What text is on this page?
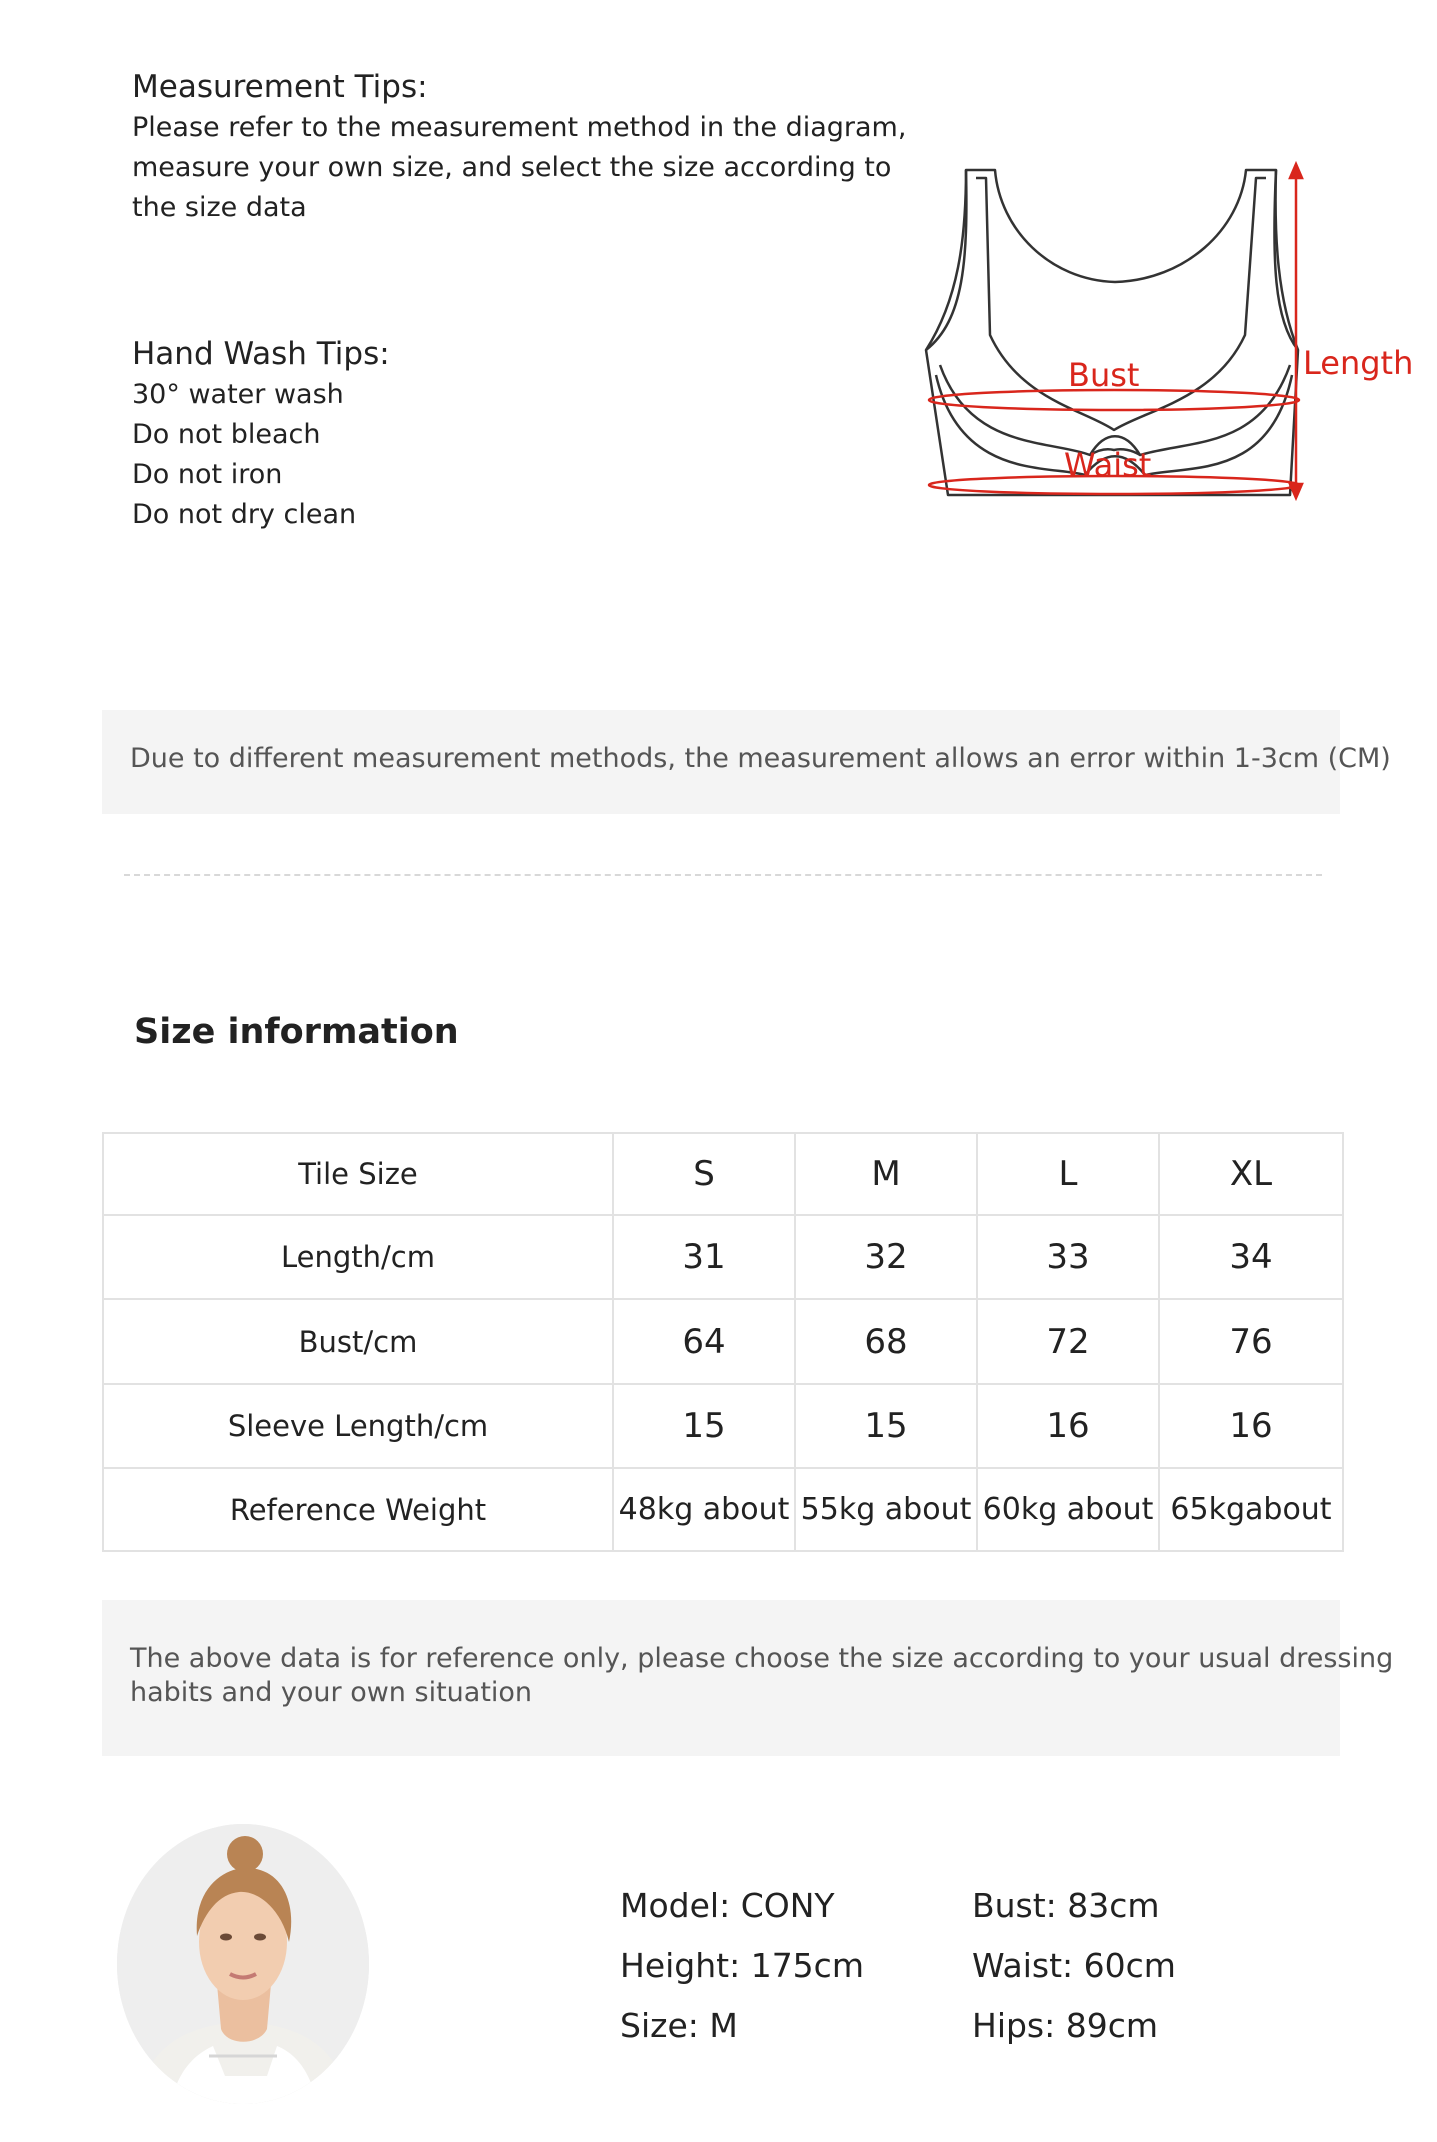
Measurement Tips:
Please refer to the measurement method in the diagram,
measure your own size, and select the size according to
the size data
Hand Wash Tips:
30° water wash
Do not bleach
Do not iron
Do not dry clean
Bust
Waist
Length
Due to different measurement methods, the measurement allows an error within 1-3cm (CM)
Size information
Tile Size	S	M	L	XL
Length/cm	31	32	33	34
Bust/cm	64	68	72	76
Sleeve Length/cm	15	15	16	16
Reference Weight	48kg about	55kg about	60kg about	65kgabout
The above data is for reference only, please choose the size according to your usual dressing
habits and your own situation
Model: CONY
Height: 175cm
Size: M
Bust: 83cm
Waist: 60cm
Hips: 89cm
